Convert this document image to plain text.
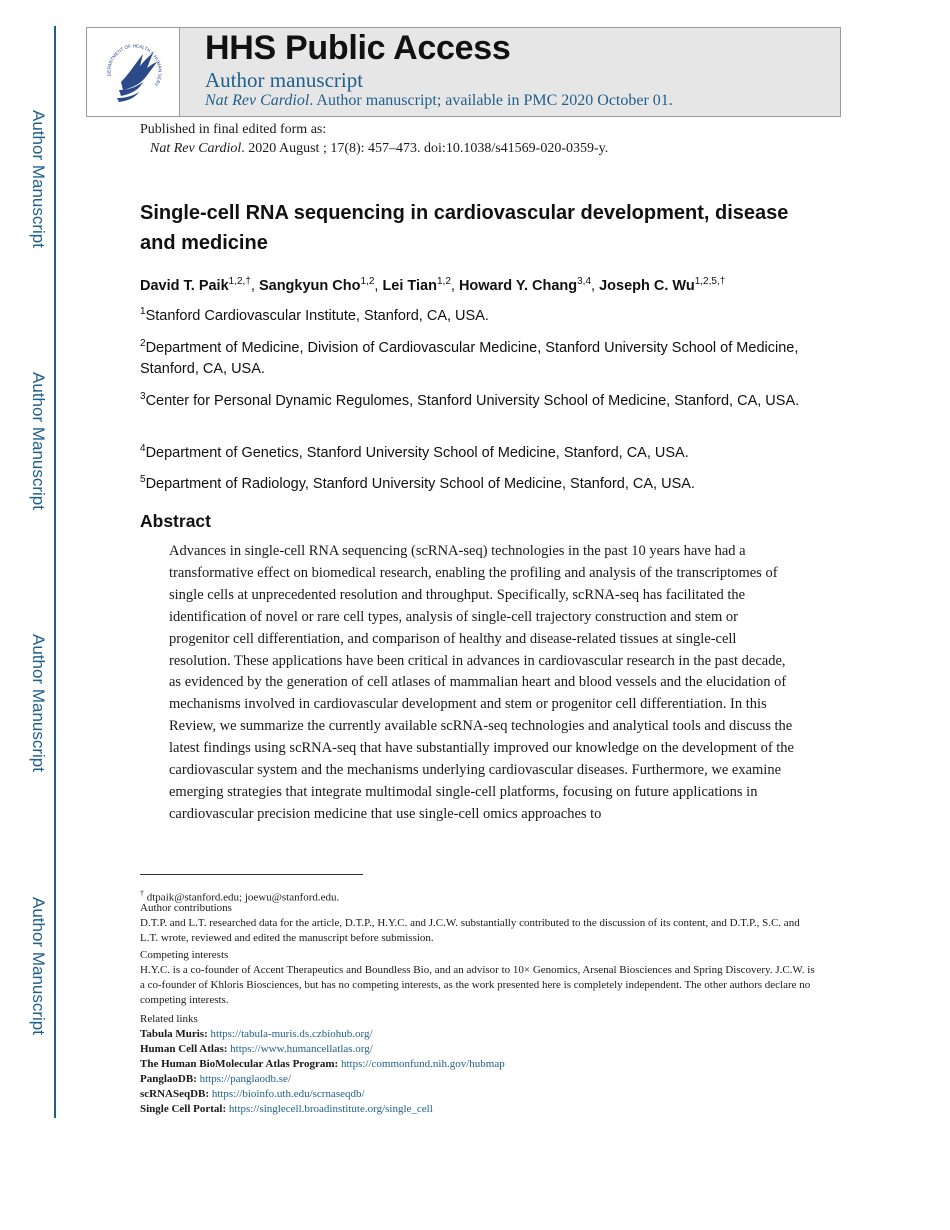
Author Manuscript
Author Manuscript
Author Manuscript
Author Manuscript
DEPARTMENT OF HEALTH & HUMAN SERV
HHS Public Access
Author manuscript
Nat Rev Cardiol. Author manuscript; available in PMC 2020 October 01.
Published in final edited form as:
Nat Rev Cardiol. 2020 August ; 17(8): 457–473. doi:10.1038/s41569-020-0359-y.
Single-cell RNA sequencing in cardiovascular development, disease and medicine
David T. Paik$^{1,2,\dagger}$, Sangkyun Cho$^{1,2}$, Lei Tian$^{1,2}$, Howard Y. Chang$^{3,4}$, Joseph C. $Wu^{1,2,5,\dagger}$
$^1$Stanford Cardiovascular Institute, Stanford, CA, USA.
$^2$Department of Medicine, Division of Cardiovascular Medicine, Stanford University School of Medicine, Stanford, CA, USA.
$^3$Center for Personal Dynamic Regulomes, Stanford University School of Medicine, Stanford, CA, USA.
$^4$Department of Genetics, Stanford University School of Medicine, Stanford, CA, USA.
$^5$Department of Radiology, Stanford University School of Medicine, Stanford, CA, USA.
Abstract
Advances in single-cell RNA sequencing (scRNA-seq) technologies in the past 10 years have had a transformative effect on biomedical research, enabling the profiling and analysis of the transcriptomes of single cells at unprecedented resolution and throughput. Specifically, scRNA-seq has facilitated the identification of novel or rare cell types, analysis of single-cell trajectory construction and stem or progenitor cell differentiation, and comparison of healthy and disease-related tissues at single-cell resolution. These applications have been critical in advances in cardiovascular research in the past decade, as evidenced by the generation of cell atlases of mammalian heart and blood vessels and the elucidation of mechanisms involved in cardiovascular development and stem or progenitor cell differentiation. In this Review, we summarize the currently available scRNA-seq technologies and analytical tools and discuss the latest findings using scRNA-seq that have substantially improved our knowledge on the development of the cardiovascular system and the mechanisms underlying cardiovascular diseases. Furthermore, we examine emerging strategies that integrate multimodal single-cell platforms, focusing on future applications in cardiovascular precision medicine that use single-cell omics approaches to
† dtpaik@stanford.edu; joewu@stanford.edu.
Author contributions
D.T.P. and L.T. researched data for the article, D.T.P., H.Y.C. and J.C.W. substantially contributed to the discussion of its content, and D.T.P., S.C. and L.T. wrote, reviewed and edited the manuscript before submission.
Competing interests
H.Y.C. is a co-founder of Accent Therapeutics and Boundless Bio, and an advisor to 10× Genomics, Arsenal Biosciences and Spring Discovery. J.C.W. is a co-founder of Khloris Biosciences, but has no competing interests, as the work presented here is completely independent. The other authors declare no competing interests.
Related links
Tabula Muris: https://tabula-muris.ds.czbiohub.org/
Human Cell Atlas: https://www.humancellatlas.org/
The Human BioMolecular Atlas Program: https://commonfund.nih.gov/hubmap
PanglaoDB: https://panglaodb.se/
scRNASeqDB: https://bioinfo.uth.edu/scrnaseqdb/
Single Cell Portal: https://singlecell.broadinstitute.org/single_cell
